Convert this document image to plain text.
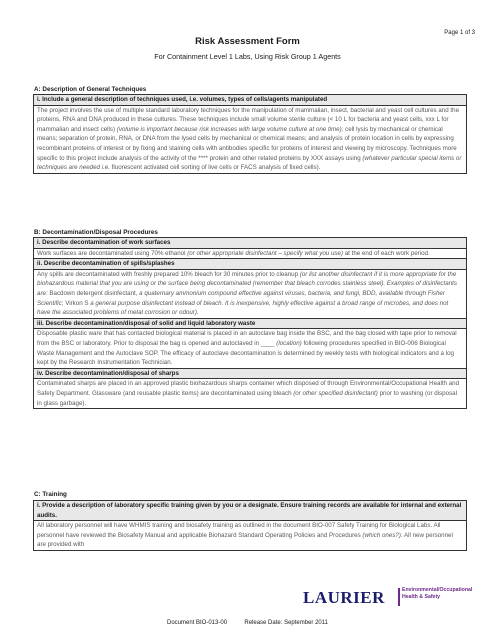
Page 1 of 3
Risk Assessment Form
For Containment Level 1 Labs, Using Risk Group 1 Agents
A: Description of General Techniques
i. Include a general description of techniques used, i.e. volumes, types of cells/agents manipulated
The project involves the use of multiple standard laboratory techniques for the manipulation of mammalian, insect, bacterial and yeast cell cultures and the proteins, RNA and DNA produced in these cultures. These techniques include small volume sterile culture (< 10 L for bacteria and yeast cells, xxx L for mammalian and insect cells) (volume is important because risk increases with large volume culture at one time); cell lysis by mechanical or chemical means; separation of protein, RNA, or DNA from the lysed cells by mechanical or chemical means; and analysis of protein location in cells by expressing recombinant proteins of interest or by fixing and staining cells with antibodies specific for proteins of interest and viewing by microscopy. Techniques more specific to this project include analysis of the activity of the **** protein and other related proteins by XXX assays using (whatever particular special items or techniques are needed i.e. fluorescent activated cell sorting of live cells or FACS analysis of fixed cells).
B: Decontamination/Disposal Procedures
i. Describe decontamination of work surfaces
Work surfaces are decontaminated using 70% ethanol (or other appropriate disinfectant – specify what you use) at the end of each work period.
ii. Describe decontamination of spills/splashes
Any spills are decontaminated with freshly prepared 10% bleach for 30 minutes prior to cleanup (or list another disinfectant if it is more appropriate for the biohazardous material that you are using or the surface being decontaminated (remember that bleach corrodes stainless steel). Examples of disinfectants are: Bacdown detergent disinfectant, a quaternary ammonium compound effective against viruses, bacteria, and fungi, BDD, available through Fisher Scientific; Virkon S a general purpose disinfectant instead of bleach. It is inexpensive, highly effective against a broad range of microbes, and does not have the associated problems of metal corrosion or odour).
iii. Describe decontamination/disposal of solid and liquid laboratory waste
Disposable plastic ware that has contacted biological material is placed in an autoclave bag inside the BSC, and the bag closed with tape prior to removal from the BSC or laboratory. Prior to disposal the bag is opened and autoclaved in ____ (location) following procedures specified in BIO-006 Biological Waste Management and the Autoclave SOP. The efficacy of autoclave decontamination is determined by weekly tests with biological indicators and a log kept by the Research Instrumentation Technician.
iv. Describe decontamination/disposal of sharps
Contaminated sharps are placed in an approved plastic biohazardous sharps container which disposed of through Environmental/Occupational Health and Safety Department. Glassware (and reusable plastic items) are decontaminated using bleach (or other specified disinfectant) prior to washing (or disposal in glass garbage).
C: Training
i. Provide a description of laboratory specific training given by you or a designate. Ensure training records are available for internal and external audits.
All laboratory personnel will have WHMIS training and biosafety training as outlined in the document BIO-007 Safety Training for Biological Labs. All personnel have reviewed the Biosafety Manual and applicable Biohazard Standard Operating Policies and Procedures (which ones?). All new personnel are provided with
LAURIER	Environmental/Occupational
Health & Safety
Document BIO-013-00	Release Date: September 2011
